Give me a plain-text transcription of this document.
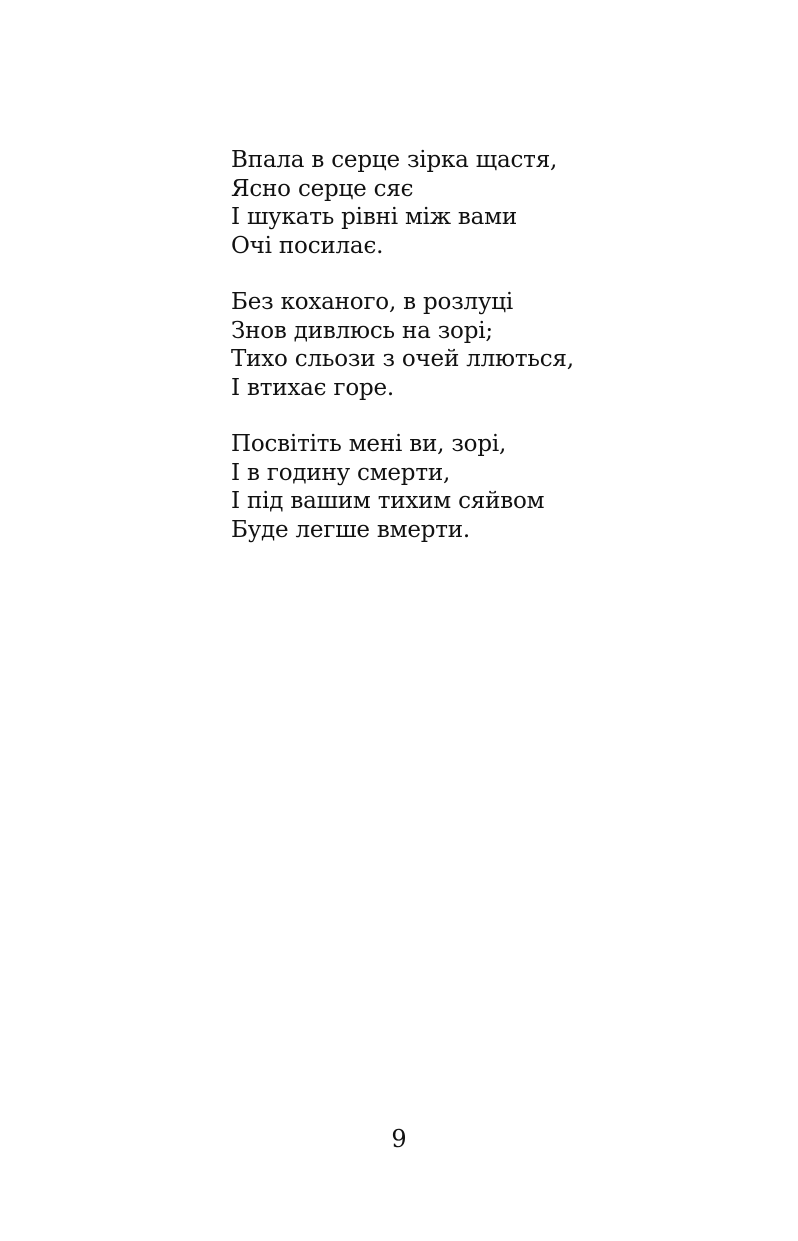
Впала в серце зірка щастя,
Ясно серце сяє
І шукать рівні між вами
Очі посилає.
Без коханого, в розлуці
Знов дивлюсь на зорі;
Тихо сльози з очей ллються,
І втихає горе.
Посвітіть мені ви, зорі,
І в годину смерти,
І під вашим тихим сяйвом
Буде легше вмерти.
9
